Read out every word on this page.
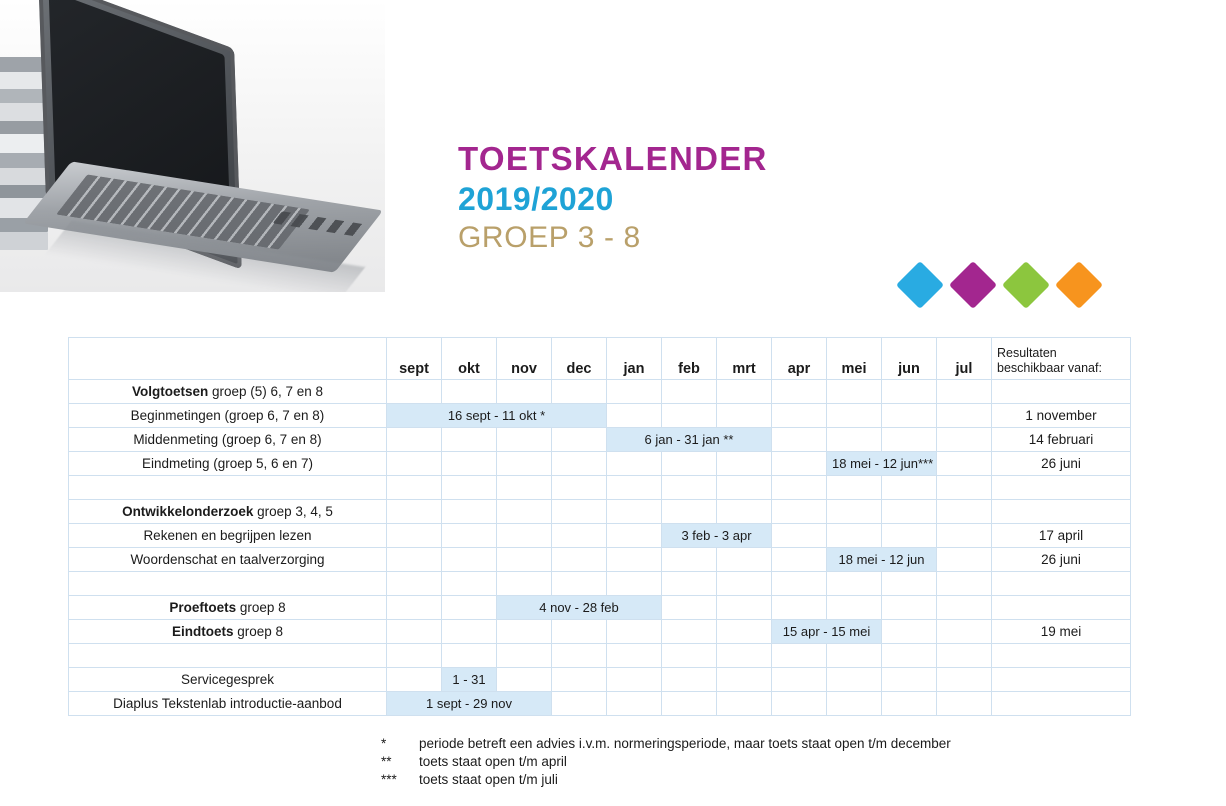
TOETSKALENDER
2019/2020
GROEP 3 - 8
	sept	okt	nov	dec	jan	feb	mrt	apr	mei	jun	jul	Resultaten
beschikbaar vanaf:

Volgtoetsen groep (5) 6, 7 en 8												
Beginmetingen (groep 6, 7 en 8)	16 sept - 11 okt *											1 november
Middenmeting (groep 6, 7 en 8)					6 jan - 31 jan **							14 februari
Eindmeting (groep 5, 6 en 7)									18 mei - 12 jun***			26 juni

Ontwikkelonderzoek groep 3, 4, 5												
Rekenen en begrijpen lezen						3 feb - 3 apr						17 april
Woordenschat en taalverzorging									18 mei - 12 jun			26 juni

Proeftoets groep 8			4 nov - 28 feb									
Eindtoets groep 8								15 apr - 15 mei				19 mei

Servicegesprek		1 - 31										
Diaplus Tekstenlab introductie-aanbod	1 sept - 29 nov											
*	periode betreft een advies i.v.m. normeringsperiode, maar toets staat open t/m december
**	toets staat open t/m april
***	toets staat open t/m juli
